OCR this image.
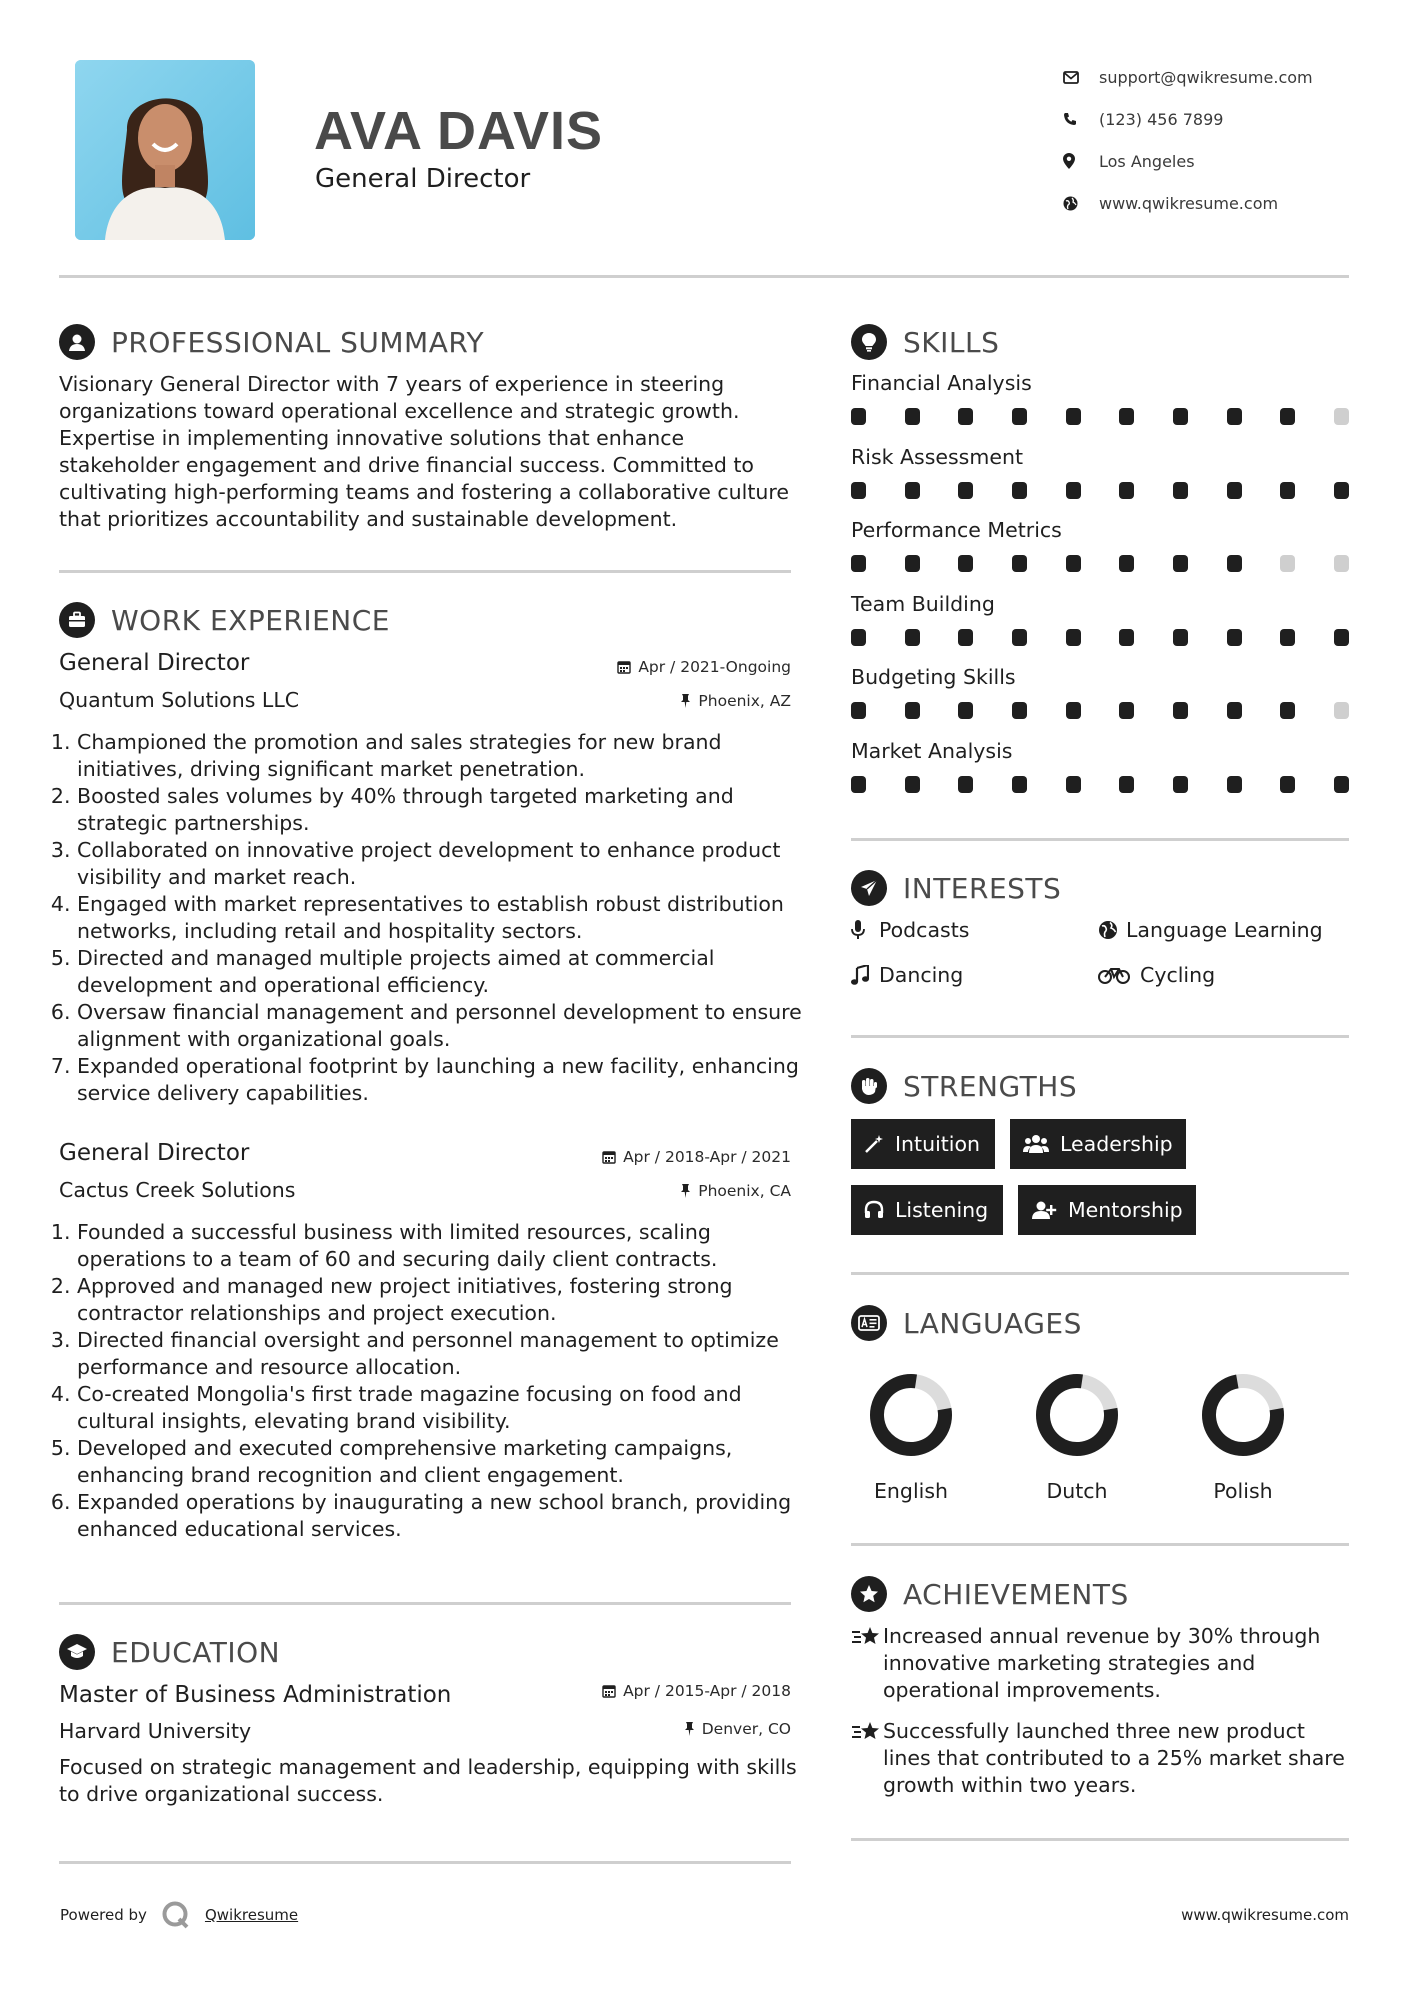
AVA DAVIS
General Director
support@qwikresume.com
(123) 456 7899
Los Angeles
www.qwikresume.com
PROFESSIONAL SUMMARY
Visionary General Director with 7 years of experience in steering organizations toward operational excellence and strategic growth. Expertise in implementing innovative solutions that enhance stakeholder engagement and drive financial success. Committed to cultivating high-performing teams and fostering a collaborative culture that prioritizes accountability and sustainable development.
WORK EXPERIENCE
General Director	Apr / 2021-Ongoing
Quantum Solutions LLC	Phoenix, AZ
1. Championed the promotion and sales strategies for new brand initiatives, driving significant market penetration.
2. Boosted sales volumes by 40% through targeted marketing and strategic partnerships.
3. Collaborated on innovative project development to enhance product visibility and market reach.
4. Engaged with market representatives to establish robust distribution networks, including retail and hospitality sectors.
5. Directed and managed multiple projects aimed at commercial development and operational efficiency.
6. Oversaw financial management and personnel development to ensure alignment with organizational goals.
7. Expanded operational footprint by launching a new facility, enhancing service delivery capabilities.
General Director	Apr / 2018-Apr / 2021
Cactus Creek Solutions	Phoenix, CA
1. Founded a successful business with limited resources, scaling operations to a team of 60 and securing daily client contracts.
2. Approved and managed new project initiatives, fostering strong contractor relationships and project execution.
3. Directed financial oversight and personnel management to optimize performance and resource allocation.
4. Co-created Mongolia's first trade magazine focusing on food and cultural insights, elevating brand visibility.
5. Developed and executed comprehensive marketing campaigns, enhancing brand recognition and client engagement.
6. Expanded operations by inaugurating a new school branch, providing enhanced educational services.
EDUCATION
Master of Business Administration	Apr / 2015-Apr / 2018
Harvard University	Denver, CO
Focused on strategic management and leadership, equipping with skills to drive organizational success.
SKILLS
Financial Analysis
Risk Assessment
Performance Metrics
Team Building
Budgeting Skills
Market Analysis
INTERESTS
Podcasts	Language Learning
Dancing	Cycling
STRENGTHS
Intuition	Leadership
Listening	Mentorship
LANGUAGES
English	Dutch	Polish
ACHIEVEMENTS
Increased annual revenue by 30% through innovative marketing strategies and operational improvements.
Successfully launched three new product lines that contributed to a 25% market share growth within two years.
Powered by	Qwikresume	www.qwikresume.com
